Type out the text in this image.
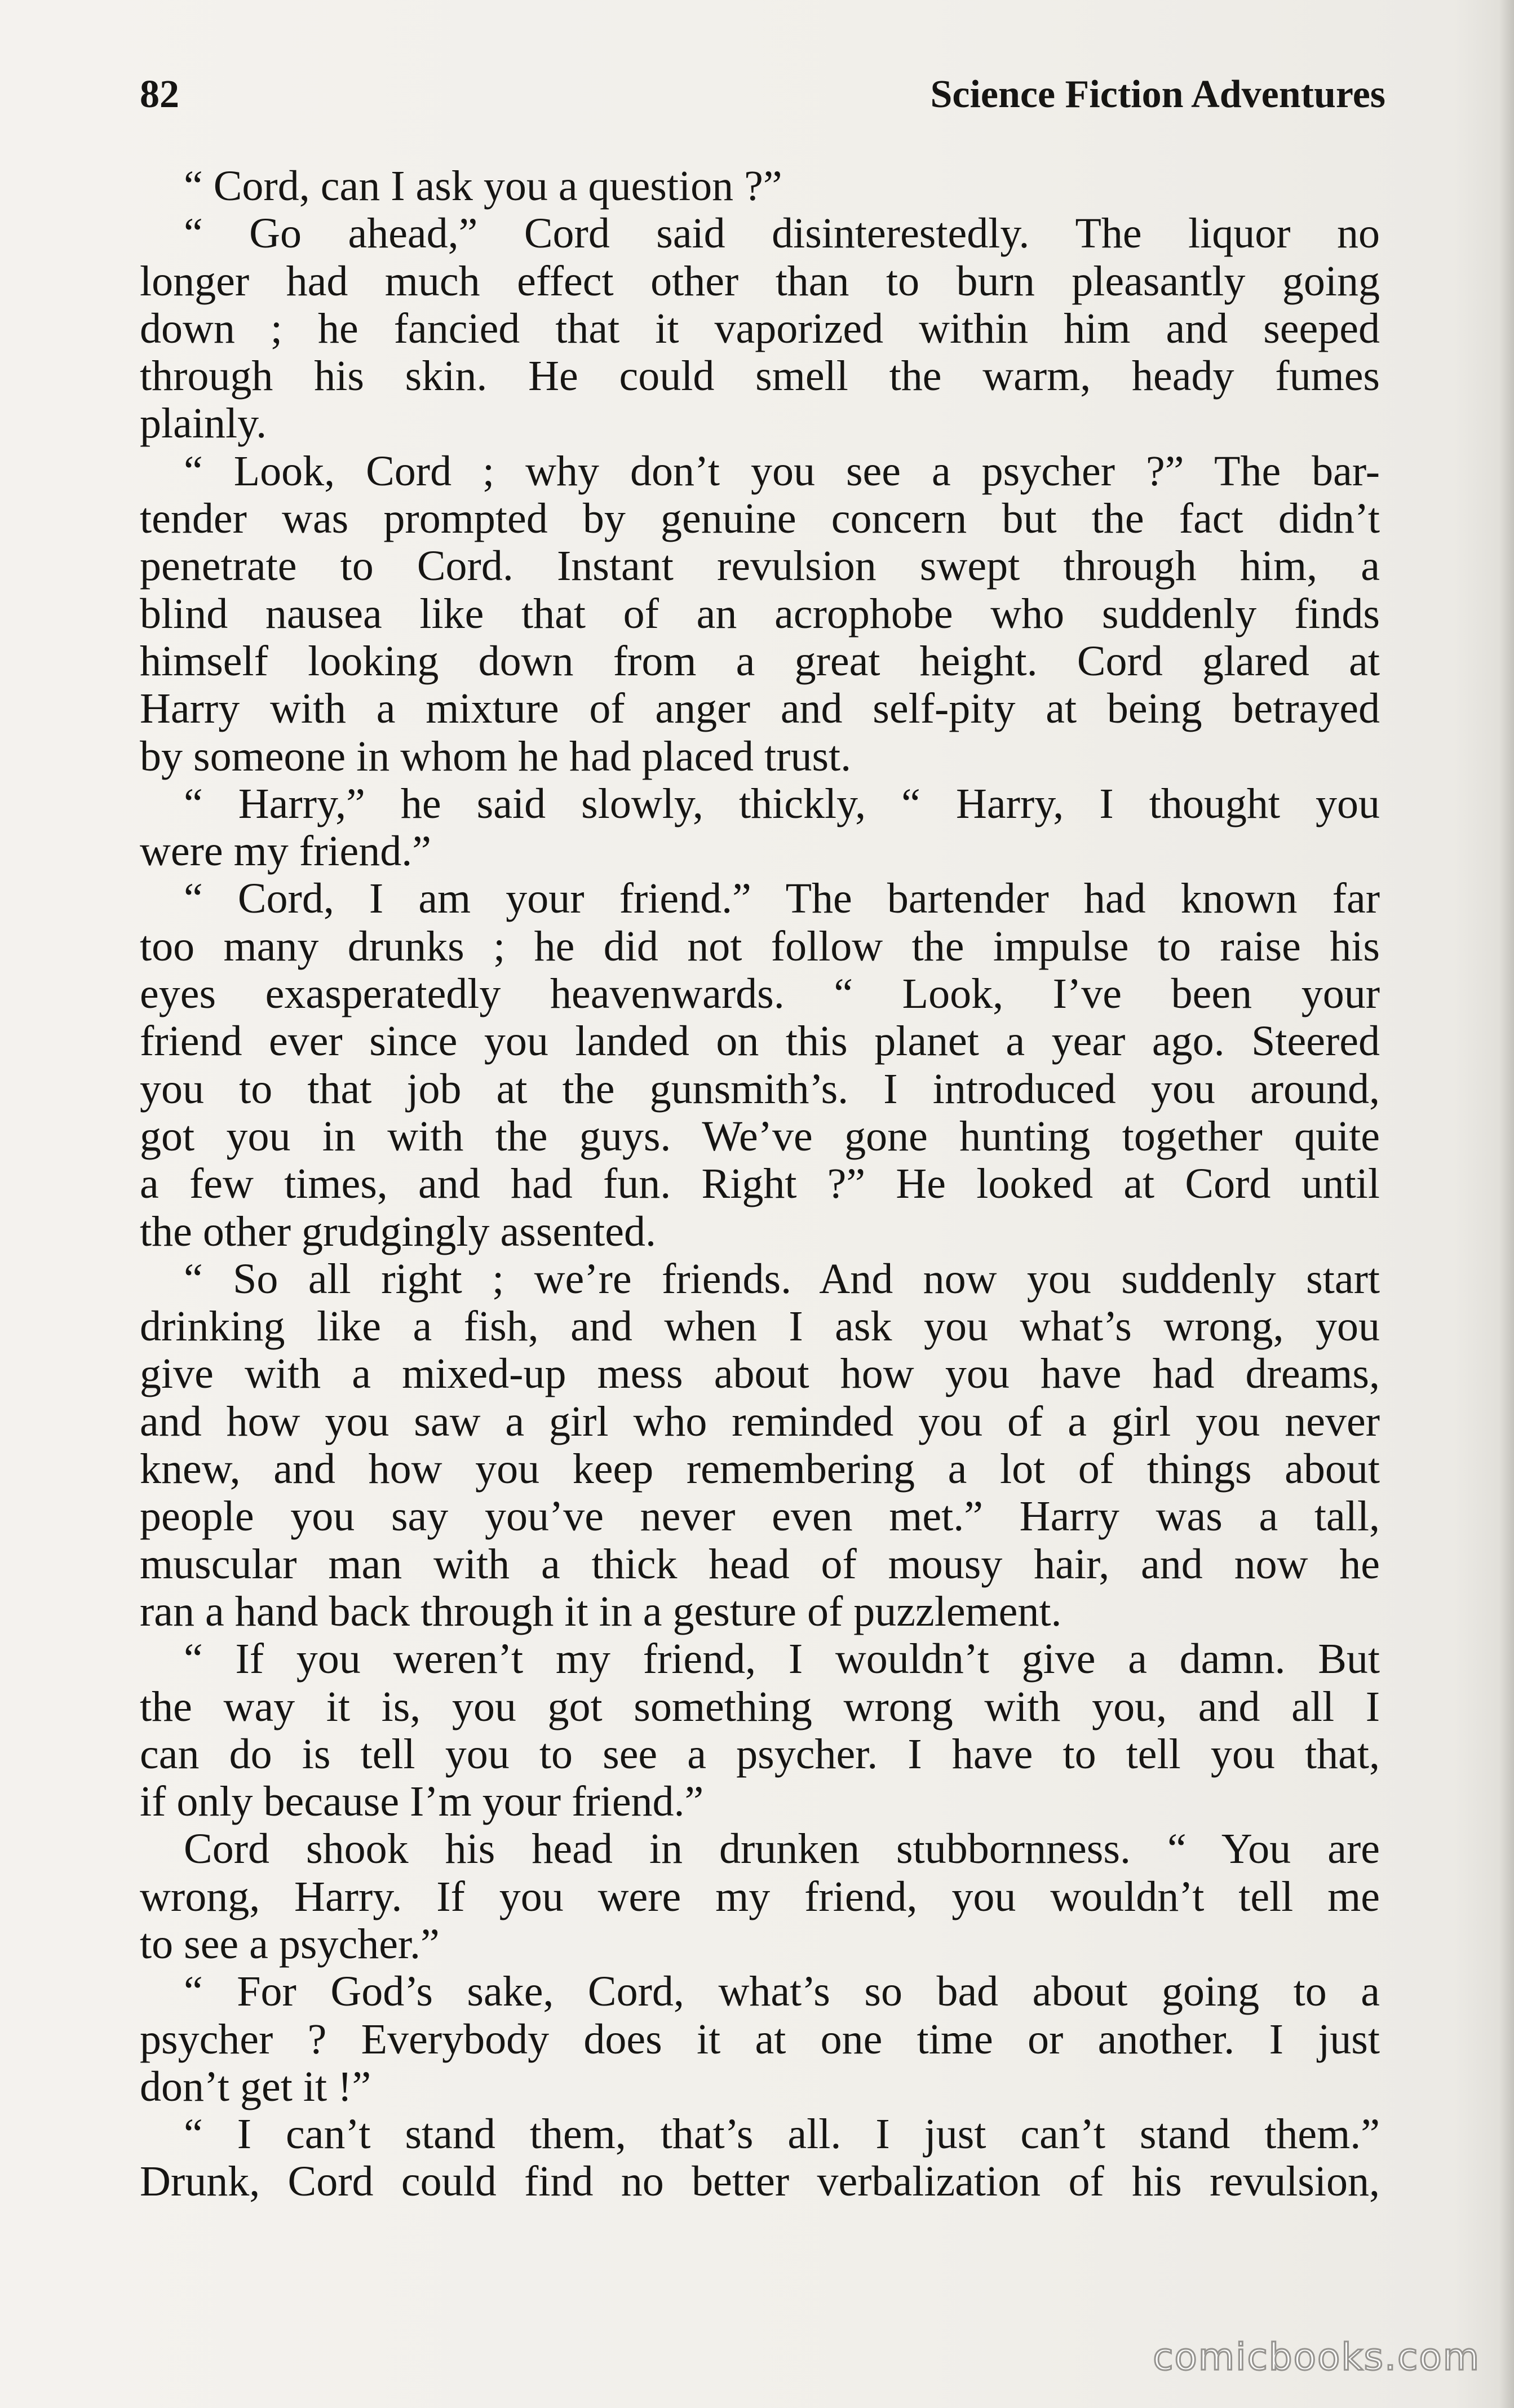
82	Science Fiction Adventures
“ Cord, can I ask you a question ?”
“ Go ahead,” Cord said disinterestedly. The liquor no
longer had much effect other than to burn pleasantly going
down ; he fancied that it vaporized within him and seeped
through his skin. He could smell the warm, heady fumes
plainly.
“ Look, Cord ; why don’t you see a psycher ?” The bar-
tender was prompted by genuine concern but the fact didn’t
penetrate to Cord. Instant revulsion swept through him, a
blind nausea like that of an acrophobe who suddenly finds
himself looking down from a great height. Cord glared at
Harry with a mixture of anger and self-pity at being betrayed
by someone in whom he had placed trust.
“ Harry,” he said slowly, thickly, “ Harry, I thought you
were my friend.”
“ Cord, I am your friend.” The bartender had known far
too many drunks ; he did not follow the impulse to raise his
eyes exasperatedly heavenwards. “ Look, I’ve been your
friend ever since you landed on this planet a year ago. Steered
you to that job at the gunsmith’s. I introduced you around,
got you in with the guys. We’ve gone hunting together quite
a few times, and had fun. Right ?” He looked at Cord until
the other grudgingly assented.
“ So all right ; we’re friends. And now you suddenly start
drinking like a fish, and when I ask you what’s wrong, you
give with a mixed-up mess about how you have had dreams,
and how you saw a girl who reminded you of a girl you never
knew, and how you keep remembering a lot of things about
people you say you’ve never even met.” Harry was a tall,
muscular man with a thick head of mousy hair, and now he
ran a hand back through it in a gesture of puzzlement.
“ If you weren’t my friend, I wouldn’t give a damn. But
the way it is, you got something wrong with you, and all I
can do is tell you to see a psycher. I have to tell you that,
if only because I’m your friend.”
Cord shook his head in drunken stubbornness. “ You are
wrong, Harry. If you were my friend, you wouldn’t tell me
to see a psycher.”
“ For God’s sake, Cord, what’s so bad about going to a
psycher ? Everybody does it at one time or another. I just
don’t get it !”
“ I can’t stand them, that’s all. I just can’t stand them.”
Drunk, Cord could find no better verbalization of his revulsion,
comicbooks.com
